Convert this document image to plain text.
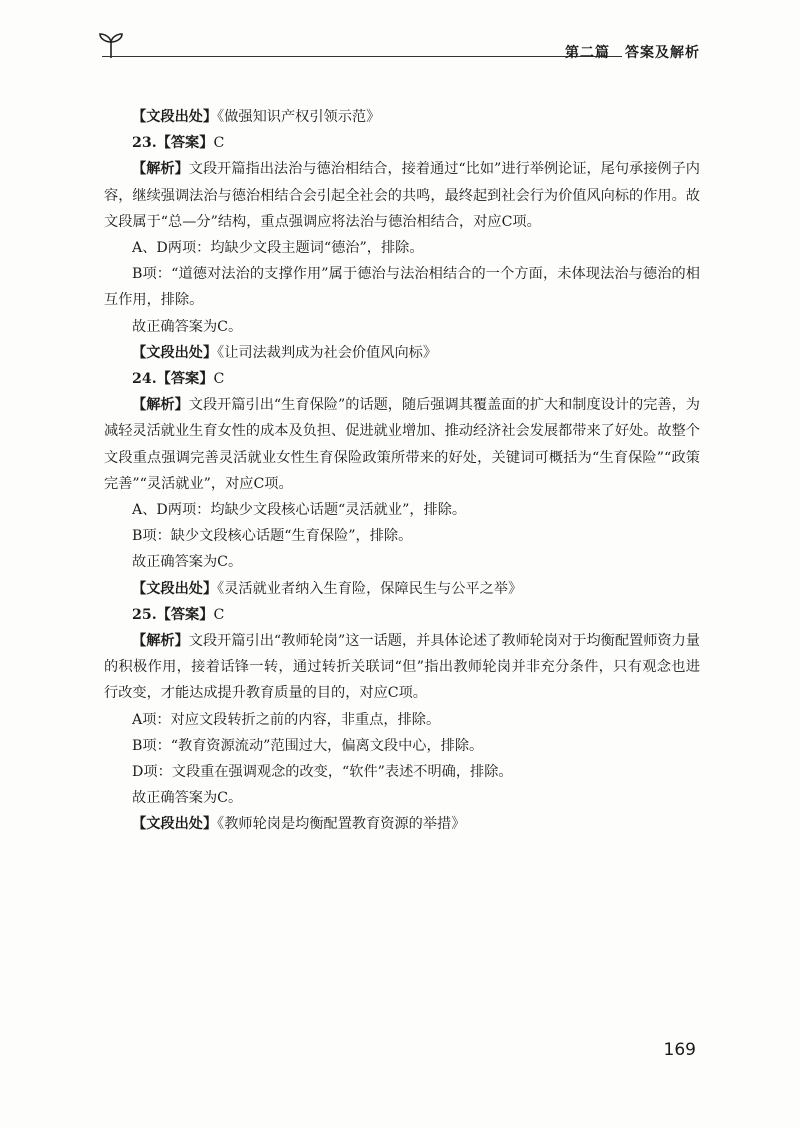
第二篇　答案及解析

【文段出处】《做强知识产权引领示范》

23.【答案】C

【解析】文段开篇指出法治与德治相结合，接着通过“比如”进行举例论证，尾句承接例子内容，继续强调法治与德治相结合会引起全社会的共鸣，最终起到社会行为价值风向标的作用。故文段属于“总—分”结构，重点强调应将法治与德治相结合，对应C项。

A、D两项：均缺少文段主题词“德治”，排除。

B项：“道德对法治的支撑作用”属于德治与法治相结合的一个方面，未体现法治与德治的相互作用，排除。

故正确答案为C。

【文段出处】《让司法裁判成为社会价值风向标》

24.【答案】C

【解析】文段开篇引出“生育保险”的话题，随后强调其覆盖面的扩大和制度设计的完善，为减轻灵活就业生育女性的成本及负担、促进就业增加、推动经济社会发展都带来了好处。故整个文段重点强调完善灵活就业女性生育保险政策所带来的好处，关键词可概括为“生育保险”“政策完善”“灵活就业”，对应C项。

A、D两项：均缺少文段核心话题“灵活就业”，排除。

B项：缺少文段核心话题“生育保险”，排除。

故正确答案为C。

【文段出处】《灵活就业者纳入生育险，保障民生与公平之举》

25.【答案】C

【解析】文段开篇引出“教师轮岗”这一话题，并具体论述了教师轮岗对于均衡配置师资力量的积极作用，接着话锋一转，通过转折关联词“但”指出教师轮岗并非充分条件，只有观念也进行改变，才能达成提升教育质量的目的，对应C项。

A项：对应文段转折之前的内容，非重点，排除。

B项：“教育资源流动”范围过大，偏离文段中心，排除。

D项：文段重在强调观念的改变，“软件”表述不明确，排除。

故正确答案为C。

【文段出处】《教师轮岗是均衡配置教育资源的举措》

169
